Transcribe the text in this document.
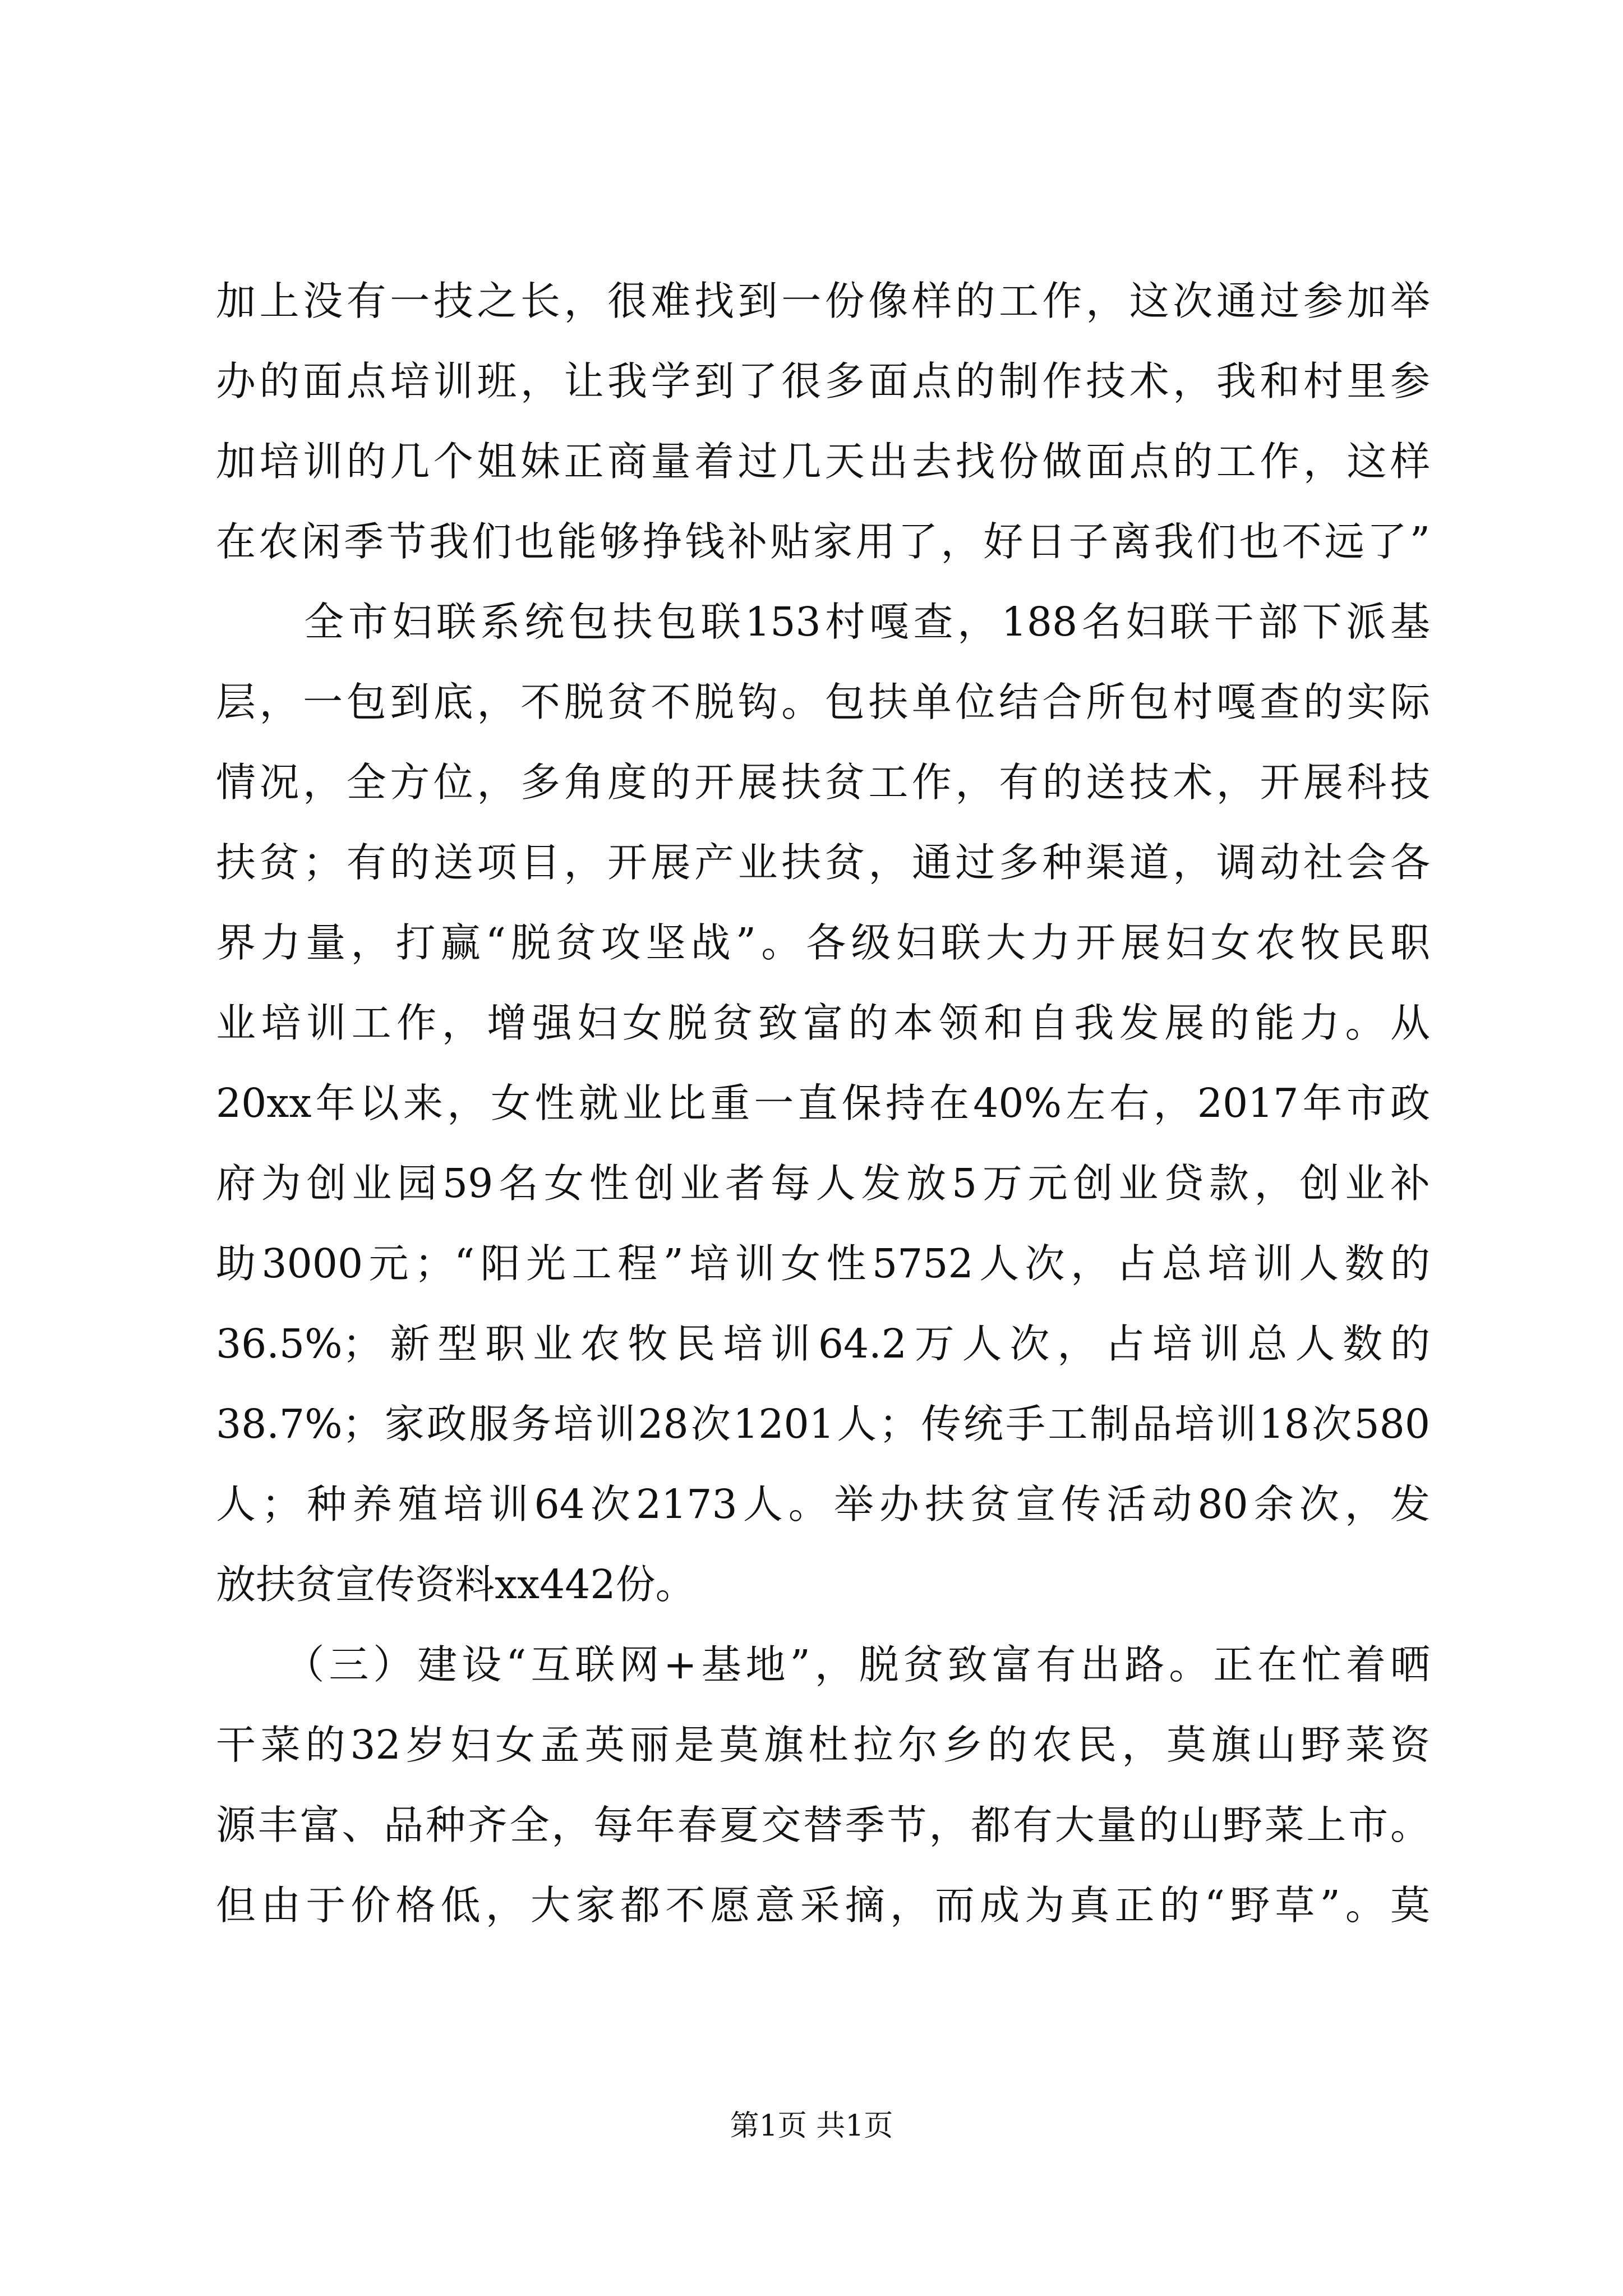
加上没有一技之长，很难找到一份像样的工作，这次通过参加举
办的面点培训班，让我学到了很多面点的制作技术，我和村里参
加培训的几个姐妹正商量着过几天出去找份做面点的工作，这样
在农闲季节我们也能够挣钱补贴家用了，好日子离我们也不远了”
　　全市妇联系统包扶包联153村嘎查，188名妇联干部下派基
层，一包到底，不脱贫不脱钩。包扶单位结合所包村嘎查的实际
情况，全方位，多角度的开展扶贫工作，有的送技术，开展科技
扶贫；有的送项目，开展产业扶贫，通过多种渠道，调动社会各
界力量，打赢“脱贫攻坚战”。各级妇联大力开展妇女农牧民职
业培训工作，增强妇女脱贫致富的本领和自我发展的能力。从
20xx年以来，女性就业比重一直保持在40%左右，2017年市政
府为创业园59名女性创业者每人发放5万元创业贷款，创业补
助3000元；“阳光工程”培训女性5752人次，占总培训人数的
36.5%；新型职业农牧民培训64.2万人次，占培训总人数的
38.7%；家政服务培训28次1201人；传统手工制品培训18次580
人；种养殖培训64次2173人。举办扶贫宣传活动80余次，发
放扶贫宣传资料xx442份。
　　（三）建设“互联网+基地”，脱贫致富有出路。正在忙着晒
干菜的32岁妇女孟英丽是莫旗杜拉尔乡的农民，莫旗山野菜资
源丰富、品种齐全，每年春夏交替季节，都有大量的山野菜上市。
但由于价格低，大家都不愿意采摘，而成为真正的“野草”。莫
第1页 共1页
